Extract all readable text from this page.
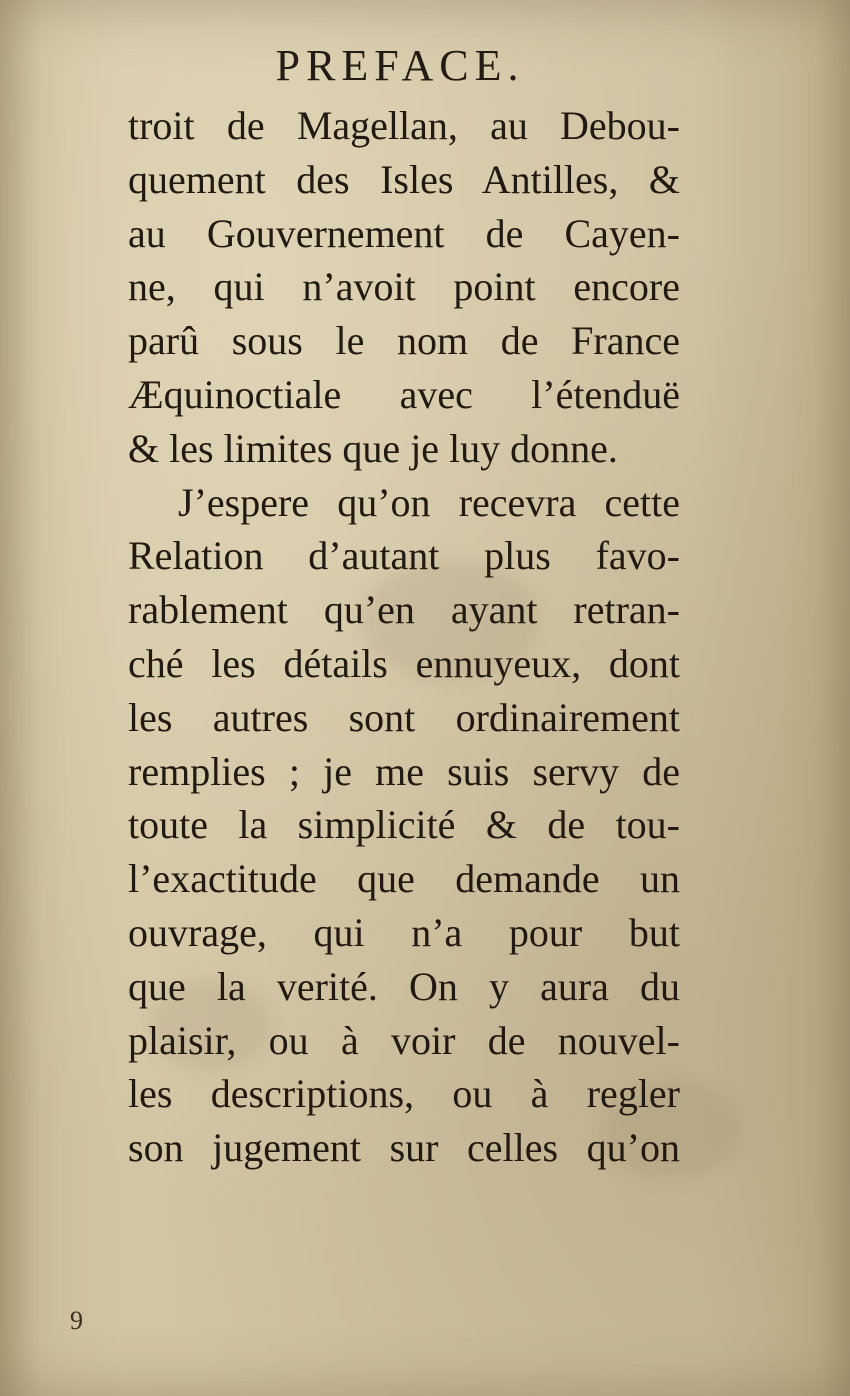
PREFACE.
troit de Magellan, au Debou-
quement des Isles Antilles, &
au Gouvernement de Cayen-
ne, qui n’avoit point encore
parû sous le nom de France
Æquinoctiale avec l’étenduë
& les limites que je luy donne.
J’espere qu’on recevra cette
Relation d’autant plus favo-
rablement qu’en ayant retran-
ché les détails ennuyeux, dont
les autres sont ordinairement
remplies ; je me suis servy de
toute la simplicité & de tou-
l’exactitude que demande un
ouvrage, qui n’a pour but
que la verité. On y aura du
plaisir, ou à voir de nouvel-
les descriptions, ou à regler
son jugement sur celles qu’on
9
